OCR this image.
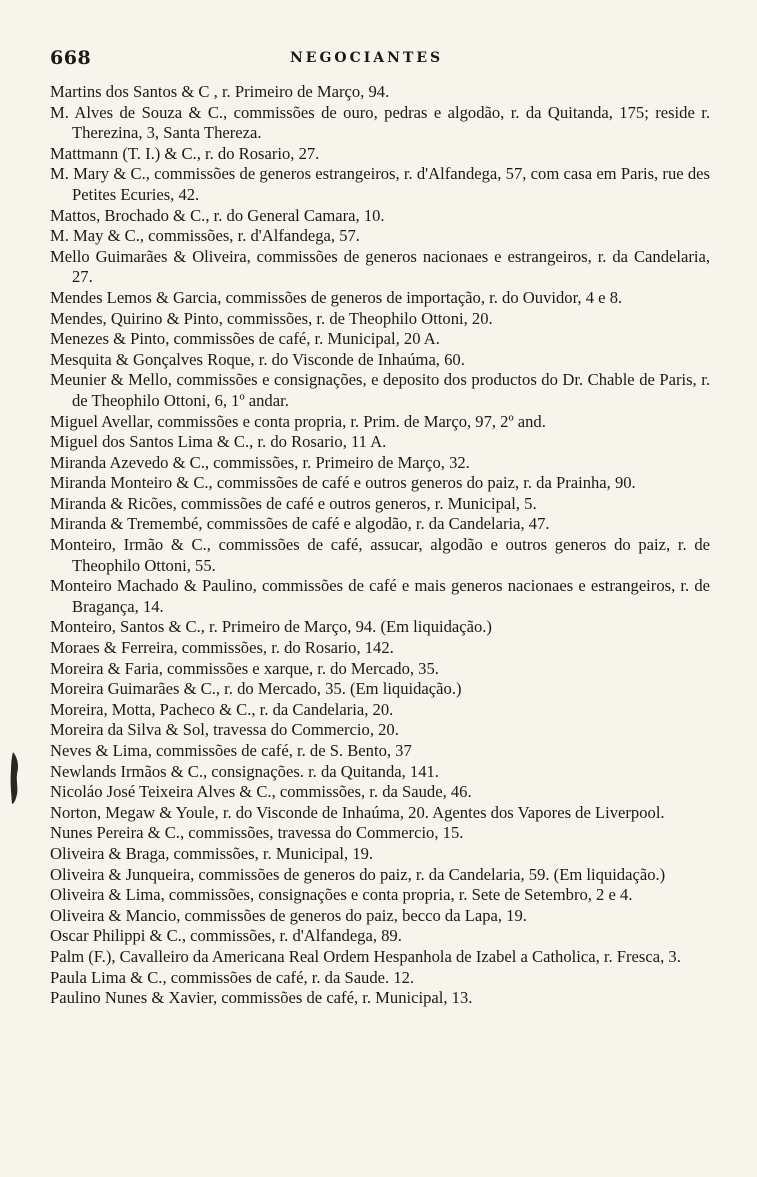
668	NEGOCIANTES

Martins dos Santos & C , r. Primeiro de Março, 94.

M. Alves de Souza & C., commissões de ouro, pedras e algodão, r. da Quitanda, 175; reside r. Therezina, 3, Santa Thereza.

Mattmann (T. I.) & C., r. do Rosario, 27.

M. Mary & C., commissões de generos estrangeiros, r. d'Alfandega, 57, com casa em Paris, rue des Petites Ecuries, 42.

Mattos, Brochado & C., r. do General Camara, 10.

M. May & C., commissões, r. d'Alfandega, 57.

Mello Guimarães & Oliveira, commissões de generos nacionaes e estrangeiros, r. da Candelaria, 27.

Mendes Lemos & Garcia, commissões de generos de importação, r. do Ouvidor, 4 e 8.

Mendes, Quirino & Pinto, commissões, r. de Theophilo Ottoni, 20.

Menezes & Pinto, commissões de café, r. Municipal, 20 A.

Mesquita & Gonçalves Roque, r. do Visconde de Inhaúma, 60.

Meunier & Mello, commissões e consignações, e deposito dos productos do Dr. Chable de Paris, r. de Theophilo Ottoni, 6, 1º andar.

Miguel Avellar, commissões e conta propria, r. Prim. de Março, 97, 2º and.

Miguel dos Santos Lima & C., r. do Rosario, 11 A.

Miranda Azevedo & C., commissões, r. Primeiro de Março, 32.

Miranda Monteiro & C., commissões de café e outros generos do paiz, r. da Prainha, 90.

Miranda & Ricões, commissões de café e outros generos, r. Municipal, 5.

Miranda & Tremembé, commissões de café e algodão, r. da Candelaria, 47.

Monteiro, Irmão & C., commissões de café, assucar, algodão e outros generos do paiz, r. de Theophilo Ottoni, 55.

Monteiro Machado & Paulino, commissões de café e mais generos nacionaes e estrangeiros, r. de Bragança, 14.

Monteiro, Santos & C., r. Primeiro de Março, 94. (Em liquidação.)

Moraes & Ferreira, commissões, r. do Rosario, 142.

Moreira & Faria, commissões e xarque, r. do Mercado, 35.

Moreira Guimarães & C., r. do Mercado, 35. (Em liquidação.)

Moreira, Motta, Pacheco & C., r. da Candelaria, 20.

Moreira da Silva & Sol, travessa do Commercio, 20.

Neves & Lima, commissões de café, r. de S. Bento, 37

Newlands Irmãos & C., consignações. r. da Quitanda, 141.

Nicoláo José Teixeira Alves & C., commissões, r. da Saude, 46.

Norton, Megaw & Youle, r. do Visconde de Inhaúma, 20. Agentes dos Vapores de Liverpool.

Nunes Pereira & C., commissões, travessa do Commercio, 15.

Oliveira & Braga, commissões, r. Municipal, 19.

Oliveira & Junqueira, commissões de generos do paiz, r. da Candelaria, 59. (Em liquidação.)

Oliveira & Lima, commissões, consignações e conta propria, r. Sete de Setembro, 2 e 4.

Oliveira & Mancio, commissões de generos do paiz, becco da Lapa, 19.

Oscar Philippi & C., commissões, r. d'Alfandega, 89.

Palm (F.), Cavalleiro da Americana Real Ordem Hespanhola de Izabel a Catholica, r. Fresca, 3.

Paula Lima & C., commissões de café, r. da Saude. 12.

Paulino Nunes & Xavier, commissões de café, r. Municipal, 13.
